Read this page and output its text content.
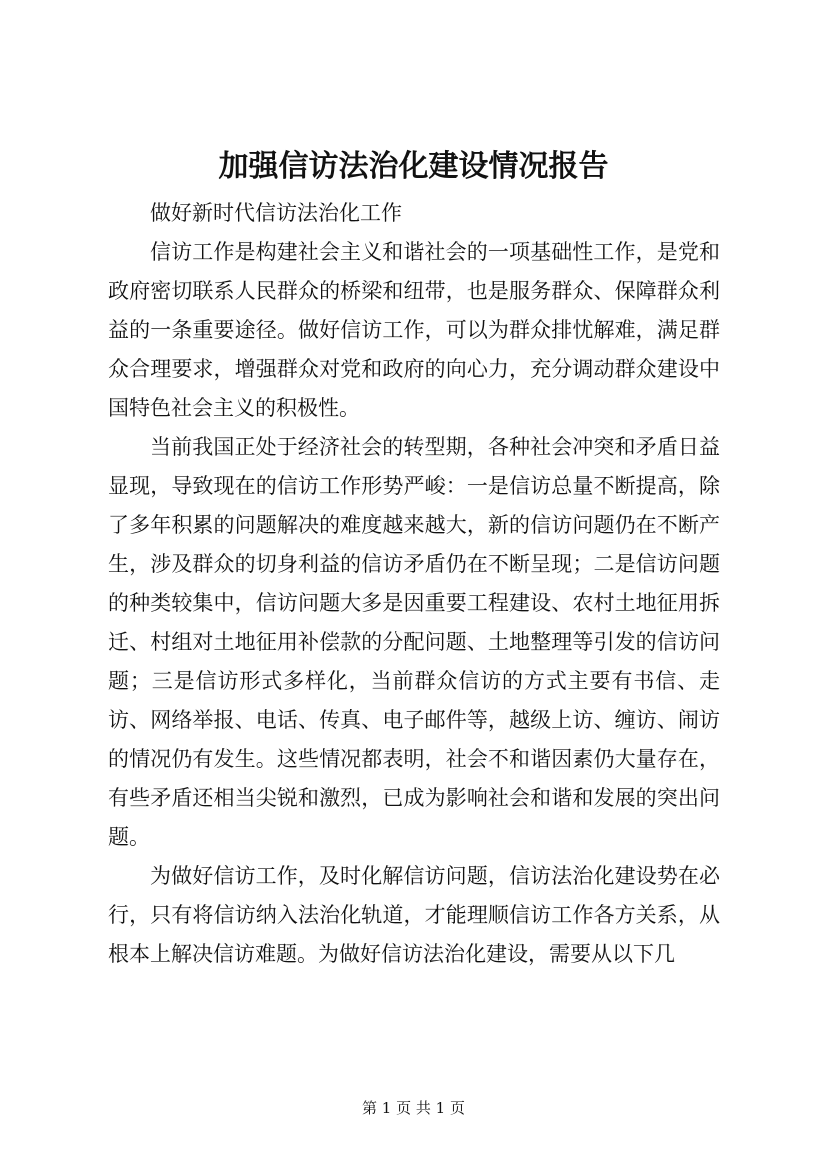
加强信访法治化建设情况报告

做好新时代信访法治化工作

信访工作是构建社会主义和谐社会的一项基础性工作，是党和政府密切联系人民群众的桥梁和纽带，也是服务群众、保障群众利益的一条重要途径。做好信访工作，可以为群众排忧解难，满足群众合理要求，增强群众对党和政府的向心力，充分调动群众建设中国特色社会主义的积极性。

当前我国正处于经济社会的转型期，各种社会冲突和矛盾日益显现，导致现在的信访工作形势严峻：一是信访总量不断提高，除了多年积累的问题解决的难度越来越大，新的信访问题仍在不断产生，涉及群众的切身利益的信访矛盾仍在不断呈现；二是信访问题的种类较集中，信访问题大多是因重要工程建设、农村土地征用拆迁、村组对土地征用补偿款的分配问题、土地整理等引发的信访问题；三是信访形式多样化，当前群众信访的方式主要有书信、走访、网络举报、电话、传真、电子邮件等，越级上访、缠访、闹访的情况仍有发生。这些情况都表明，社会不和谐因素仍大量存在，有些矛盾还相当尖锐和激烈，已成为影响社会和谐和发展的突出问题。

为做好信访工作，及时化解信访问题，信访法治化建设势在必行，只有将信访纳入法治化轨道，才能理顺信访工作各方关系，从根本上解决信访难题。为做好信访法治化建设，需要从以下几

第 1 页 共 1 页
